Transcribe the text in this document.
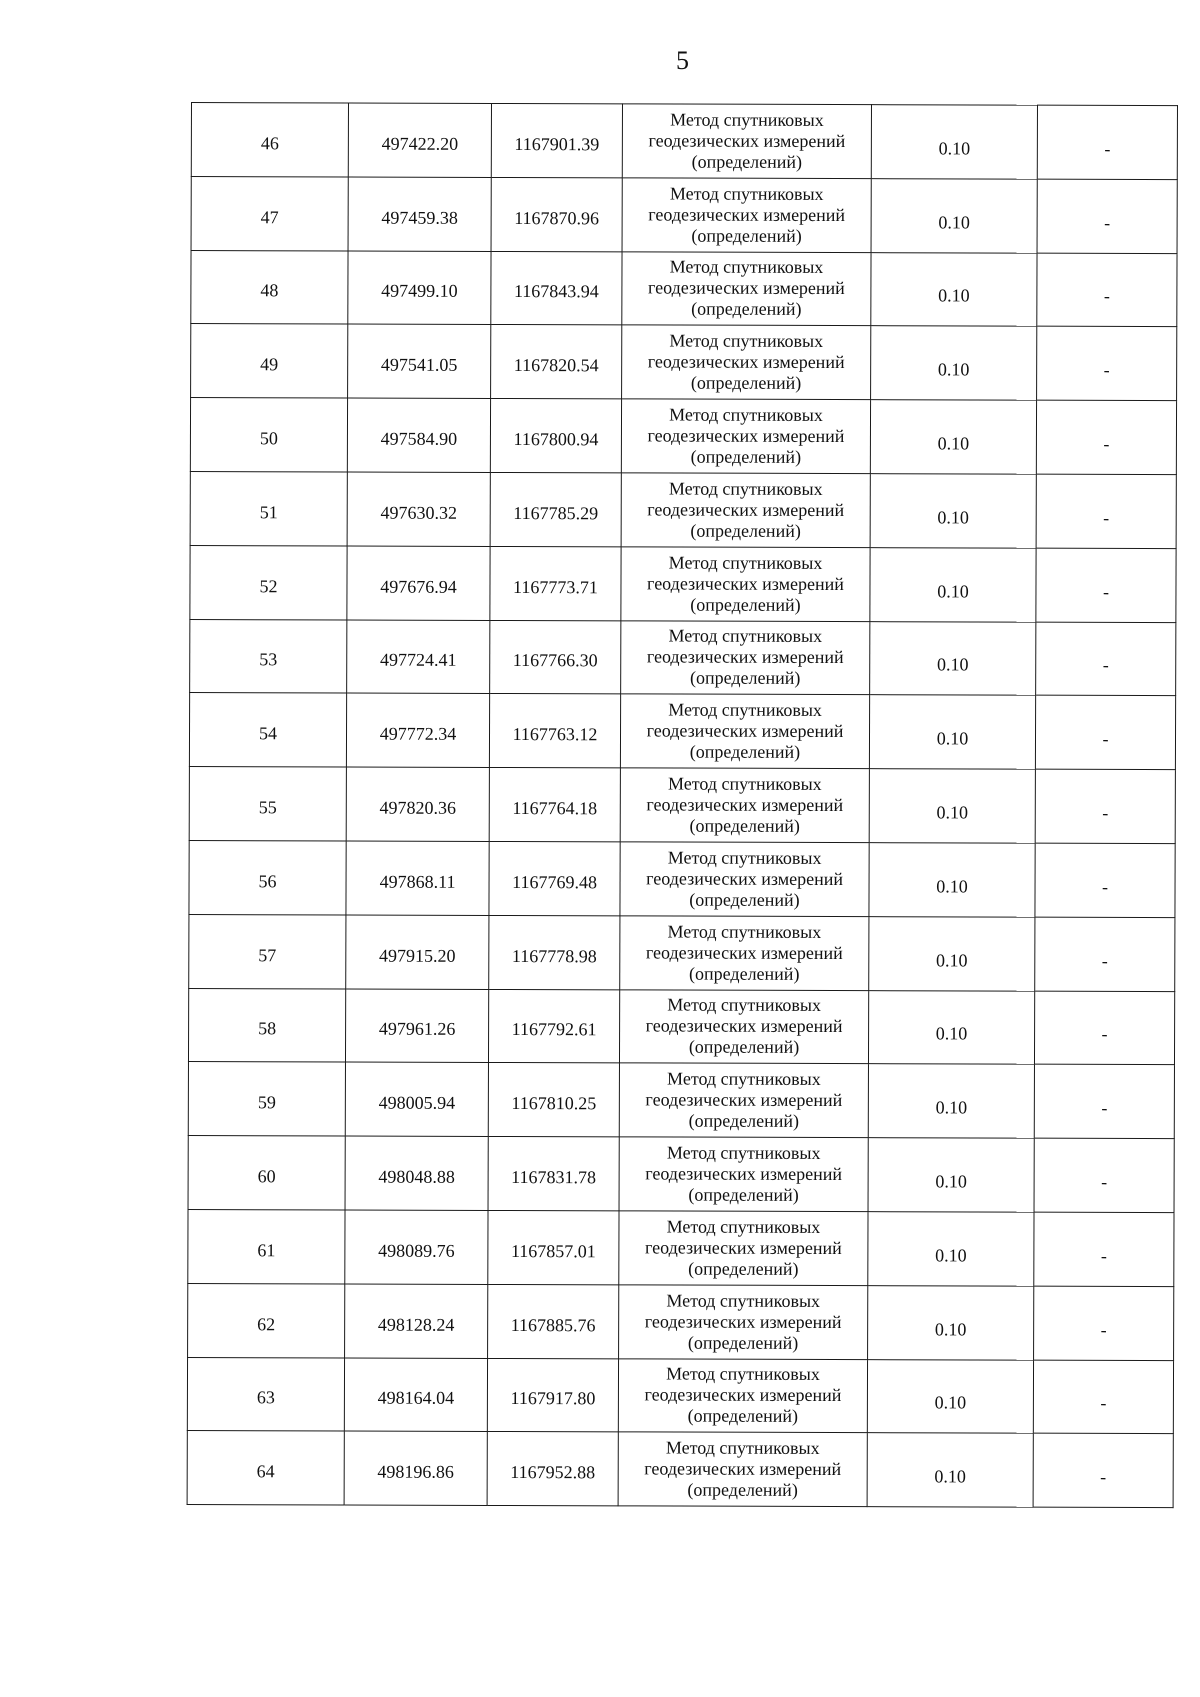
5
46	497422.20	1167901.39	Метод спутниковых
геодезических измерений
(определений)	0.10	-
47	497459.38	1167870.96	Метод спутниковых
геодезических измерений
(определений)	0.10	-
48	497499.10	1167843.94	Метод спутниковых
геодезических измерений
(определений)	0.10	-
49	497541.05	1167820.54	Метод спутниковых
геодезических измерений
(определений)	0.10	-
50	497584.90	1167800.94	Метод спутниковых
геодезических измерений
(определений)	0.10	-
51	497630.32	1167785.29	Метод спутниковых
геодезических измерений
(определений)	0.10	-
52	497676.94	1167773.71	Метод спутниковых
геодезических измерений
(определений)	0.10	-
53	497724.41	1167766.30	Метод спутниковых
геодезических измерений
(определений)	0.10	-
54	497772.34	1167763.12	Метод спутниковых
геодезических измерений
(определений)	0.10	-
55	497820.36	1167764.18	Метод спутниковых
геодезических измерений
(определений)	0.10	-
56	497868.11	1167769.48	Метод спутниковых
геодезических измерений
(определений)	0.10	-
57	497915.20	1167778.98	Метод спутниковых
геодезических измерений
(определений)	0.10	-
58	497961.26	1167792.61	Метод спутниковых
геодезических измерений
(определений)	0.10	-
59	498005.94	1167810.25	Метод спутниковых
геодезических измерений
(определений)	0.10	-
60	498048.88	1167831.78	Метод спутниковых
геодезических измерений
(определений)	0.10	-
61	498089.76	1167857.01	Метод спутниковых
геодезических измерений
(определений)	0.10	-
62	498128.24	1167885.76	Метод спутниковых
геодезических измерений
(определений)	0.10	-
63	498164.04	1167917.80	Метод спутниковых
геодезических измерений
(определений)	0.10	-
64	498196.86	1167952.88	Метод спутниковых
геодезических измерений
(определений)	0.10	-
